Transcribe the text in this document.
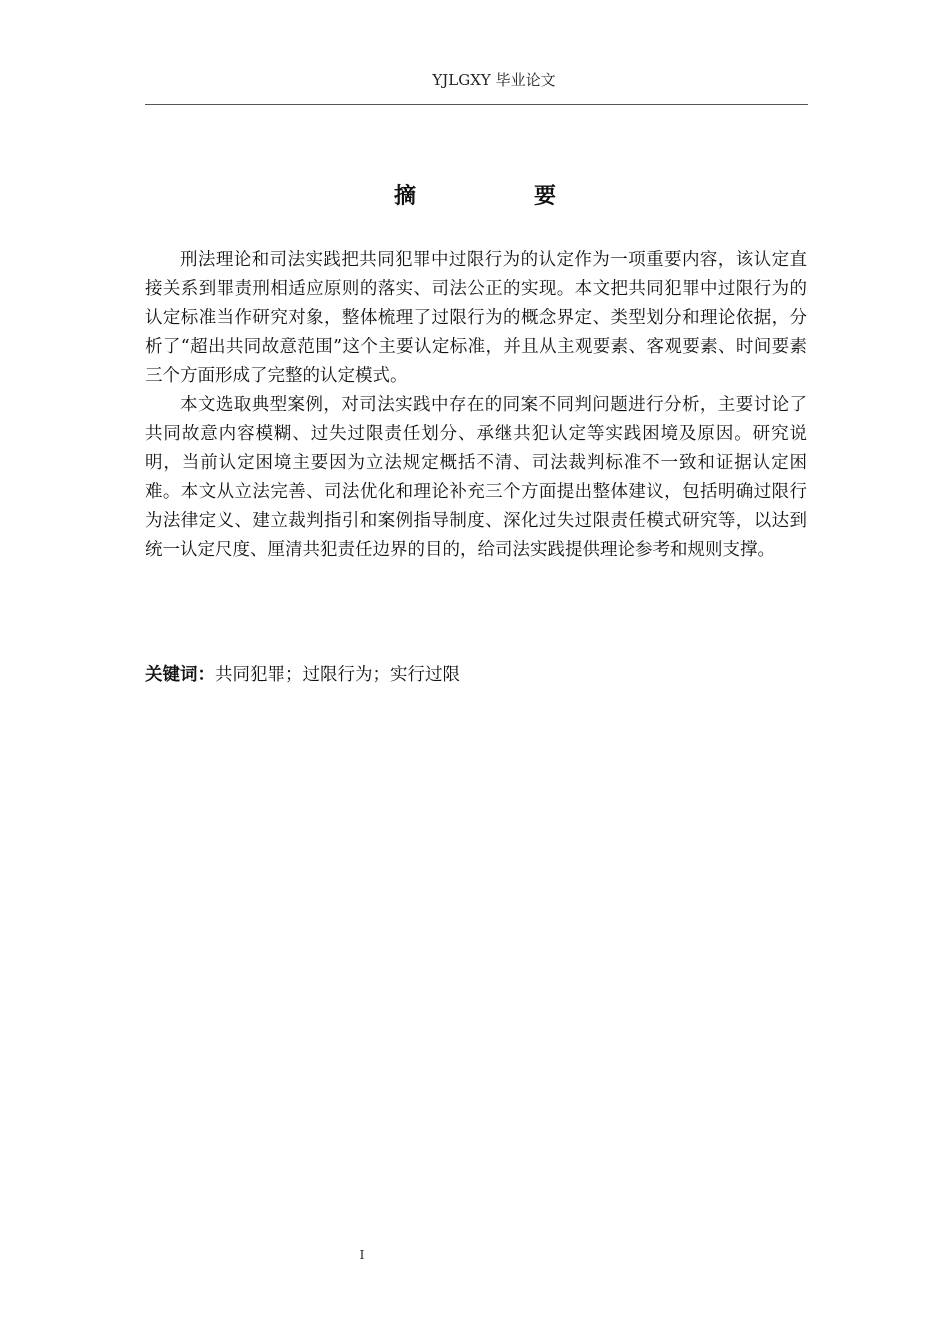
YJLGXY 毕业论文
摘　要

刑法理论和司法实践把共同犯罪中过限行为的认定作为一项重要内容，该认定直接关系到罪责刑相适应原则的落实、司法公正的实现。本文把共同犯罪中过限行为的认定标准当作研究对象，整体梳理了过限行为的概念界定、类型划分和理论依据，分析了“超出共同故意范围”这个主要认定标准，并且从主观要素、客观要素、时间要素三个方面形成了完整的认定模式。

本文选取典型案例，对司法实践中存在的同案不同判问题进行分析，主要讨论了共同故意内容模糊、过失过限责任划分、承继共犯认定等实践困境及原因。研究说明，当前认定困境主要因为立法规定概括不清、司法裁判标准不一致和证据认定困难。本文从立法完善、司法优化和理论补充三个方面提出整体建议，包括明确过限行为法律定义、建立裁判指引和案例指导制度、深化过失过限责任模式研究等，以达到统一认定尺度、厘清共犯责任边界的目的，给司法实践提供理论参考和规则支撑。

关键词：共同犯罪；过限行为；实行过限
I
